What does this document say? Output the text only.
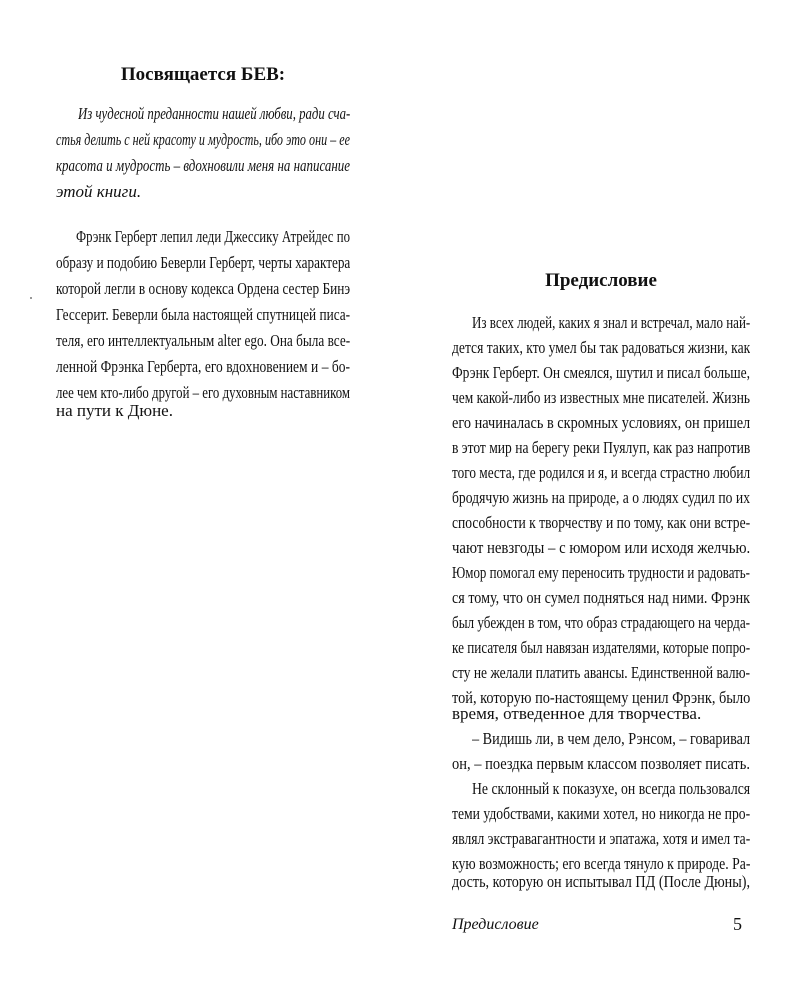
Посвящается БЕВ:
Из чудесной преданности нашей любви, ради сча-
стья делить с ней красоту и мудрость, ибо это они – ее
красота и мудрость – вдохновили меня на написание
этой книги.
Фрэнк Герберт лепил леди Джессику Атрейдес по
образу и подобию Беверли Герберт, черты характера
которой легли в основу кодекса Ордена сестер Бинэ
Гессерит. Беверли была настоящей спутницей писа-
теля, его интеллектуальным alter ego. Она была все-
ленной Фрэнка Герберта, его вдохновением и – бо-
лее чем кто-либо другой – его духовным наставником
на пути к Дюне.
Предисловие
Из всех людей, каких я знал и встречал, мало най-
дется таких, кто умел бы так радоваться жизни, как
Фрэнк Герберт. Он смеялся, шутил и писал больше,
чем какой-либо из известных мне писателей. Жизнь
его начиналась в скромных условиях, он пришел
в этот мир на берегу реки Пуялуп, как раз напротив
того места, где родился и я, и всегда страстно любил
бродячую жизнь на природе, а о людях судил по их
способности к творчеству и по тому, как они встре-
чают невзгоды – с юмором или исходя желчью.
Юмор помогал ему переносить трудности и радовать-
ся тому, что он сумел подняться над ними. Фрэнк
был убежден в том, что образ страдающего на черда-
ке писателя был навязан издателями, которые попро-
сту не желали платить авансы. Единственной валю-
той, которую по-настоящему ценил Фрэнк, было
время, отведенное для творчества.
– Видишь ли, в чем дело, Рэнсом, – говаривал
он, – поездка первым классом позволяет писать.
Не склонный к показухе, он всегда пользовался
теми удобствами, какими хотел, но никогда не про-
являл экстравагантности и эпатажа, хотя и имел та-
кую возможность; его всегда тянуло к природе. Ра-
дость, которую он испытывал ПД (После Дюны),
Предисловие	5
